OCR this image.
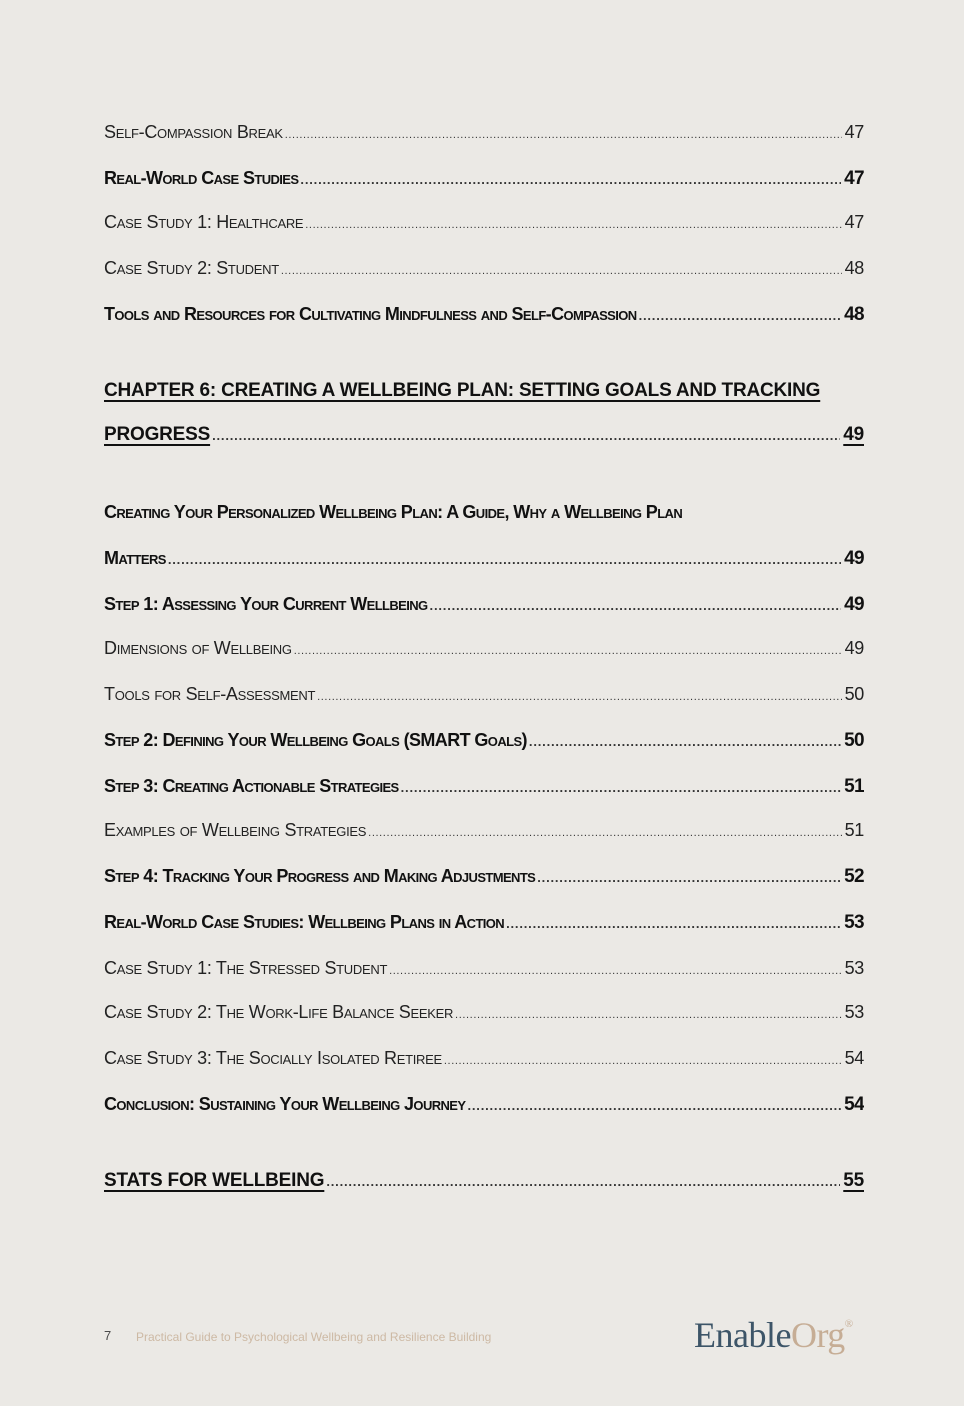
Self-Compassion Break .....	47
Real-World Case Studies .....	47
Case Study 1: Healthcare .....	47
Case Study 2: Student .....	48
Tools and Resources for Cultivating Mindfulness and Self-Compassion .....	48
CHAPTER 6: CREATING A WELLBEING PLAN: SETTING GOALS AND TRACKING
PROGRESS .....	49
Creating Your Personalized Wellbeing Plan: A Guide, Why a Wellbeing Plan
Matters .....	49
Step 1: Assessing Your Current Wellbeing .....	49
Dimensions of Wellbeing .....	49
Tools for Self-Assessment .....	50
Step 2: Defining Your Wellbeing Goals (SMART Goals) .....	50
Step 3: Creating Actionable Strategies .....	51
Examples of Wellbeing Strategies .....	51
Step 4: Tracking Your Progress and Making Adjustments .....	52
Real-World Case Studies: Wellbeing Plans in Action .....	53
Case Study 1: The Stressed Student .....	53
Case Study 2: The Work-Life Balance Seeker .....	53
Case Study 3: The Socially Isolated Retiree .....	54
Conclusion: Sustaining Your Wellbeing Journey .....	54
STATS FOR WELLBEING .....	55
7 Practical Guide to Psychological Wellbeing and Resilience Building	EnableOrg®
